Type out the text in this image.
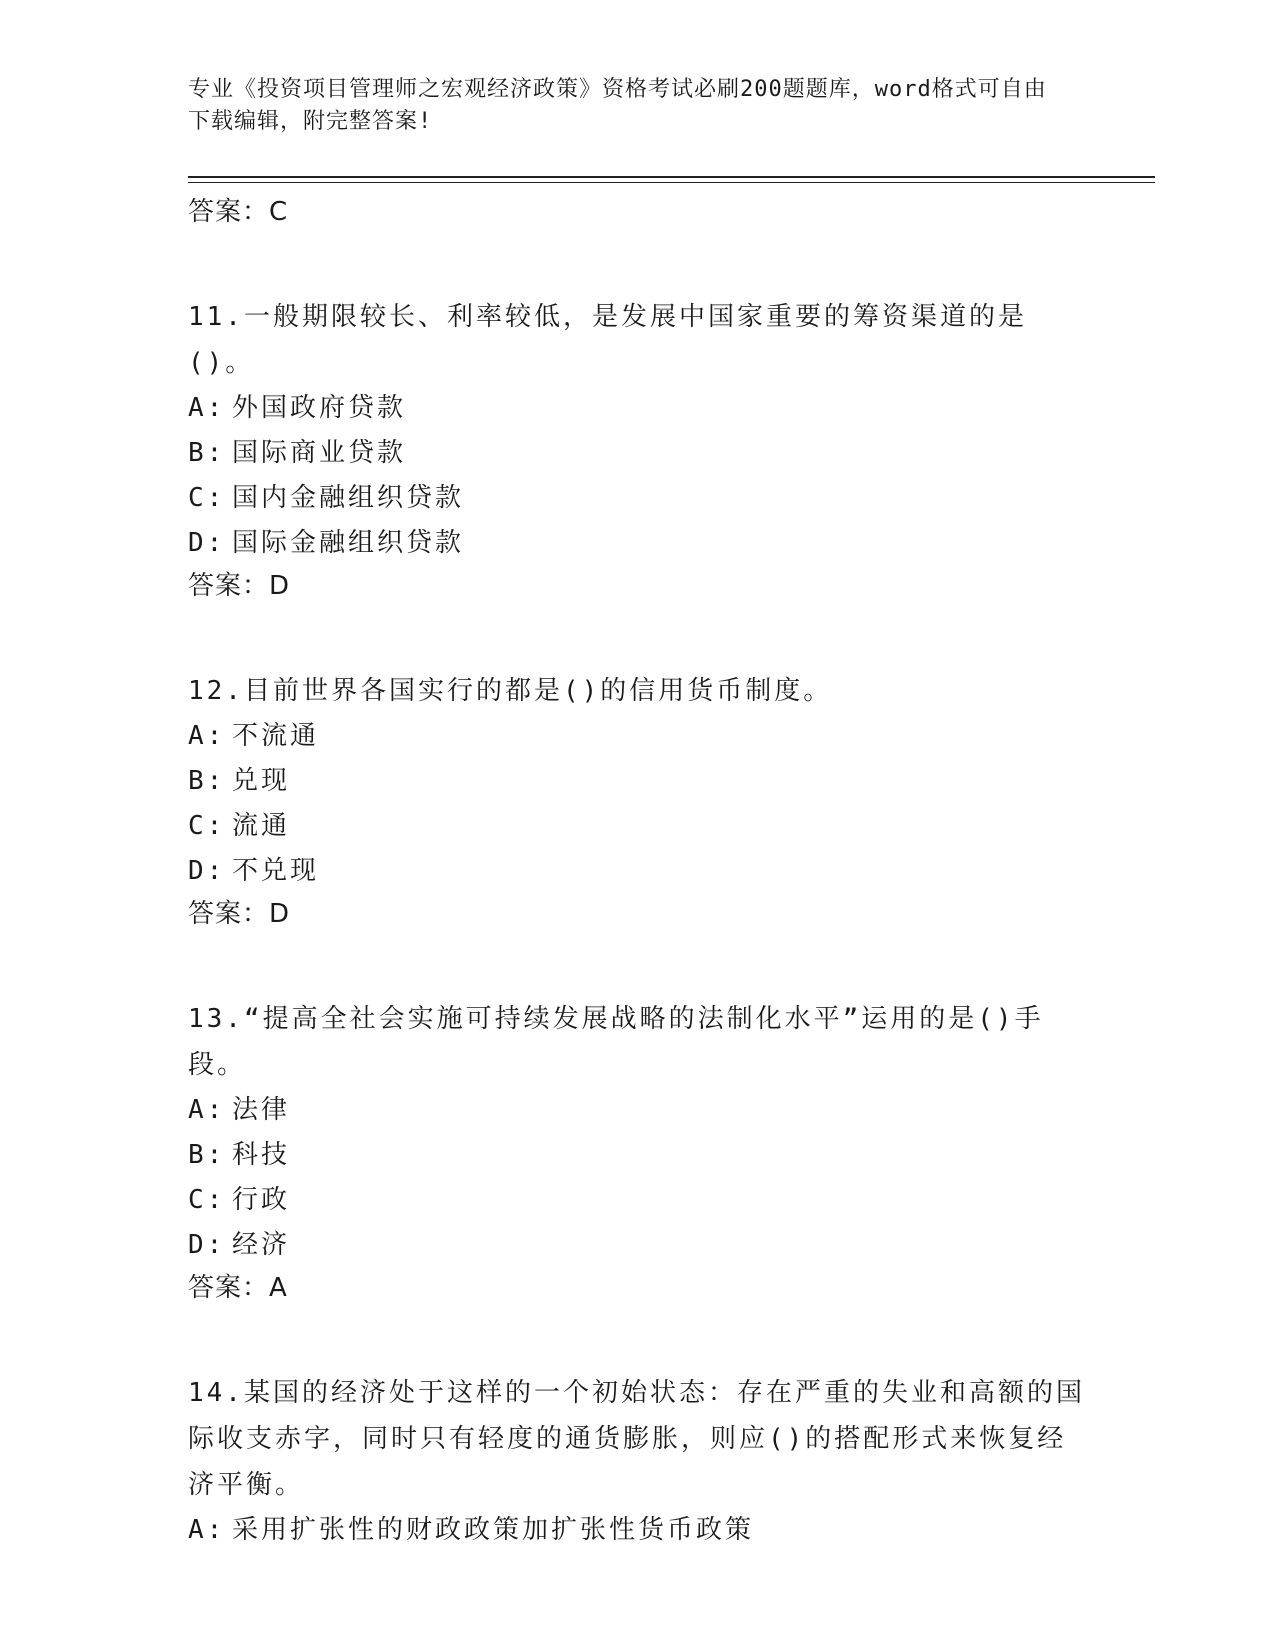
专业《投资项目管理师之宏观经济政策》资格考试必刷200题题库，word格式可自由下载编辑，附完整答案!
答案：C

11.一般期限较长、利率较低，是发展中国家重要的筹资渠道的是()。

A: 外国政府贷款
B: 国际商业贷款
C: 国内金融组织贷款
D: 国际金融组织贷款
答案：D

12.目前世界各国实行的都是()的信用货币制度。

A: 不流通
B: 兑现
C: 流通
D: 不兑现
答案：D

13.“提高全社会实施可持续发展战略的法制化水平”运用的是()手段。

A: 法律
B: 科技
C: 行政
D: 经济
答案：A

14.某国的经济处于这样的一个初始状态：存在严重的失业和高额的国际收支赤字，同时只有轻度的通货膨胀，则应()的搭配形式来恢复经济平衡。

A: 采用扩张性的财政政策加扩张性货币政策
